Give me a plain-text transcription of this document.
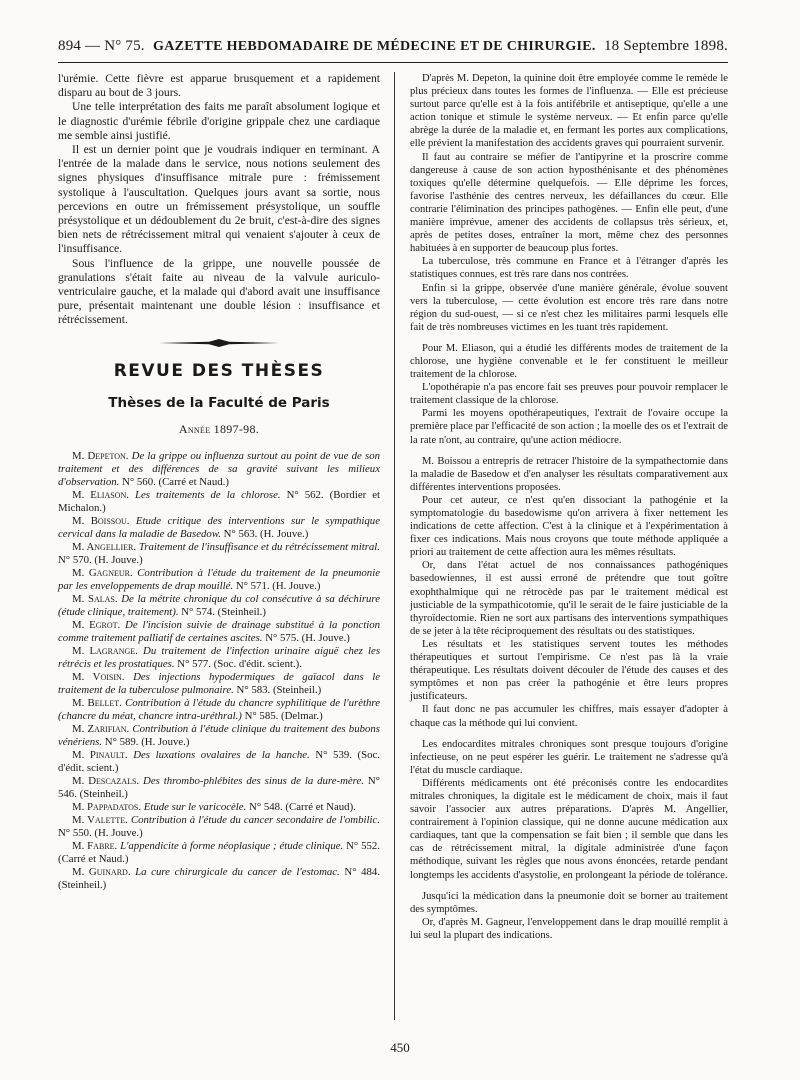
894 — N° 75. GAZETTE HEBDOMADAIRE DE MÉDECINE ET DE CHIRURGIE. 18 Septembre 1898.

l'urémie. Cette fièvre est apparue brusquement et a rapidement disparu au bout de 3 jours.

Une telle interprétation des faits me paraît absolument logique et le diagnostic d'urémie fébrile d'origine grippale chez une cardiaque me semble ainsi justifié.

Il est un dernier point que je voudrais indiquer en terminant. A l'entrée de la malade dans le service, nous notions seulement des signes physiques d'insuffisance mitrale pure : frémissement systolique à l'auscultation. Quelques jours avant sa sortie, nous percevions en outre un frémissement présystolique, un souffle présystolique et un dédoublement du 2e bruit, c'est-à-dire des signes bien nets de rétrécissement mitral qui venaient s'ajouter à ceux de l'insuffisance.

Sous l'influence de la grippe, une nouvelle poussée de granulations s'était faite au niveau de la valvule auriculo-ventriculaire gauche, et la malade qui d'abord avait une insuffisance pure, présentait maintenant une double lésion : insuffisance et rétrécissement.

REVUE DES THÈSES
Thèses de la Faculté de Paris
Année 1897-98.

M. Depeton. De la grippe ou influenza surtout au point de vue de son traitement et des différences de sa gravité suivant les milieux d'observation. N° 560. (Carré et Naud.)

M. Eliason. Les traitements de la chlorose. N° 562. (Bordier et Michalon.)

M. Boissou. Etude critique des interventions sur le sympathique cervical dans la maladie de Basedow. N° 563. (H. Jouve.)

M. Angellier. Traitement de l'insuffisance et du rétrécissement mitral. N° 570. (H. Jouve.)

M. Gagneur. Contribution à l'étude du traitement de la pneumonie par les enveloppements de drap mouillé. N° 571. (H. Jouve.)

M. Salas. De la métrite chronique du col consécutive à sa déchirure (étude clinique, traitement). N° 574. (Steinheil.)

M. Egrot. De l'incision suivie de drainage substitué à la ponction comme traitement palliatif de certaines ascites. N° 575. (H. Jouve.)

M. Lagrange. Du traitement de l'infection urinaire aiguë chez les rétrécis et les prostatiques. N° 577. (Soc. d'édit. scient.).

M. Voisin. Des injections hypodermiques de gaïacol dans le traitement de la tuberculose pulmonaire. N° 583. (Steinheil.)

M. Bellet. Contribution à l'étude du chancre syphilitique de l'urèthre (chancre du méat, chancre intra-uréthral.) N° 585. (Delmar.)

M. Zarifian. Contribution à l'étude clinique du traitement des bubons vénériens. N° 589. (H. Jouve.)

M. Pinault. Des luxations ovalaires de la hanche. N° 539. (Soc. d'édit. scient.)

M. Descazals. Des thrombo-phlébites des sinus de la dure-mère. N° 546. (Steinheil.)

M. Pappadatos. Etude sur le varicocèle. N° 548. (Carré et Naud).

M. Valette. Contribution à l'étude du cancer secondaire de l'ombilic. N° 550. (H. Jouve.)

M. Fabre. L'appendicite à forme néoplasique ; étude clinique. N° 552. (Carré et Naud.)

M. Guinard. La cure chirurgicale du cancer de l'estomac. N° 484. (Steinheil.)

D'après M. Depeton, la quinine doit être employée comme le remède le plus précieux dans toutes les formes de l'influenza. — Elle est précieuse surtout parce qu'elle est à la fois antifébrile et antiseptique, qu'elle a une action tonique et stimule le système nerveux. — Et enfin parce qu'elle abrège la durée de la maladie et, en fermant les portes aux complications, elle prévient la manifestation des accidents graves qui pourraient survenir.

Il faut au contraire se méfier de l'antipyrine et la proscrire comme dangereuse à cause de son action hyposthénisante et des phénomènes toxiques qu'elle détermine quelquefois. — Elle déprime les forces, favorise l'asthénie des centres nerveux, les défaillances du cœur. Elle contrarie l'élimination des principes pathogènes. — Enfin elle peut, d'une manière imprévue, amener des accidents de collapsus très sérieux, et, après de petites doses, entraîner la mort, même chez des personnes habituées à en supporter de beaucoup plus fortes.

La tuberculose, très commune en France et à l'étranger d'après les statistiques connues, est très rare dans nos contrées.

Enfin si la grippe, observée d'une manière générale, évolue souvent vers la tuberculose, — cette évolution est encore très rare dans notre région du sud-ouest, — si ce n'est chez les militaires parmi lesquels elle fait de très nombreuses victimes en les tuant très rapidement.

Pour M. Eliason, qui a étudié les différents modes de traitement de la chlorose, une hygiène convenable et le fer constituent le meilleur traitement de la chlorose.

L'opothérapie n'a pas encore fait ses preuves pour pouvoir remplacer le traitement classique de la chlorose.

Parmi les moyens opothérapeutiques, l'extrait de l'ovaire occupe la première place par l'efficacité de son action ; la moelle des os et l'extrait de la rate n'ont, au contraire, qu'une action médiocre.

M. Boissou a entrepris de retracer l'histoire de la sympathectomie dans la maladie de Basedow et d'en analyser les résultats comparativement aux différentes interventions proposées.

Pour cet auteur, ce n'est qu'en dissociant la pathogénie et la symptomatologie du basedowisme qu'on arrivera à fixer nettement les indications de cette affection. C'est à la clinique et à l'expérimentation à fixer ces indications. Mais nous croyons que toute méthode appliquée a priori au traitement de cette affection aura les mêmes résultats.

Or, dans l'état actuel de nos connaissances pathogéniques basedowiennes, il est aussi erroné de prétendre que tout goître exophthalmique qui ne rétrocède pas par le traitement médical est justiciable de la sympathicotomie, qu'il le serait de le faire justiciable de la thyroïdectomie. Rien ne sort aux partisans des interventions sympathiques de se jeter à la tête réciproquement des résultats ou des statistiques.

Les résultats et les statistiques servent toutes les méthodes thérapeutiques et surtout l'empirisme. Ce n'est pas là la vraie thérapeutique. Les résultats doivent découler de l'étude des causes et des symptômes et non pas créer la pathogénie et être leurs propres justificateurs.

Il faut donc ne pas accumuler les chiffres, mais essayer d'adopter à chaque cas la méthode qui lui convient.

Les endocardites mitrales chroniques sont presque toujours d'origine infectieuse, on ne peut espérer les guérir. Le traitement ne s'adresse qu'à l'état du muscle cardiaque.

Différents médicaments ont été préconisés contre les endocardites mitrales chroniques, la digitale est le médicament de choix, mais il faut savoir l'associer aux autres préparations. D'après M. Angellier, contrairement à l'opinion classique, qui ne donne aucune médication aux cardiaques, tant que la compensation se fait bien ; il semble que dans les cas de rétrécissement mitral, la digitale administrée d'une façon méthodique, suivant les règles que nous avons énoncées, retarde pendant longtemps les accidents d'asystolie, en prolongeant la période de tolérance.

Jusqu'ici la médication dans la pneumonie doit se borner au traitement des symptômes.

Or, d'après M. Gagneur, l'enveloppement dans le drap mouillé remplit à lui seul la plupart des indications.

450
